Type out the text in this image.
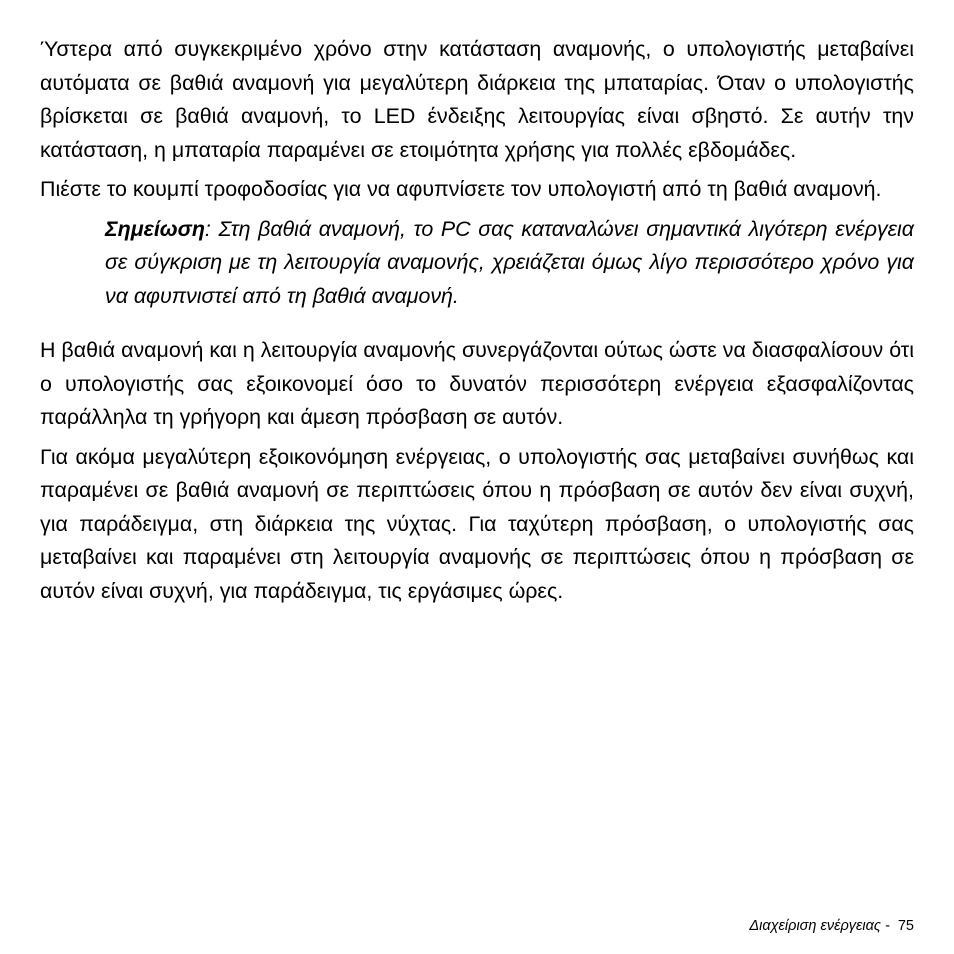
Ύστερα από συγκεκριμένο χρόνο στην κατάσταση αναμονής, ο υπολογιστής μεταβαίνει αυτόματα σε βαθιά αναμονή για μεγαλύτερη διάρκεια της μπαταρίας. Όταν ο υπολογιστής βρίσκεται σε βαθιά αναμονή, το LED ένδειξης λειτουργίας είναι σβηστό. Σε αυτήν την κατάσταση, η μπαταρία παραμένει σε ετοιμότητα χρήσης για πολλές εβδομάδες.

Πιέστε το κουμπί τροφοδοσίας για να αφυπνίσετε τον υπολογιστή από τη βαθιά αναμονή.

Σημείωση: Στη βαθιά αναμονή, το PC σας καταναλώνει σημαντικά λιγότερη ενέργεια σε σύγκριση με τη λειτουργία αναμονής, χρειάζεται όμως λίγο περισσότερο χρόνο για να αφυπνιστεί από τη βαθιά αναμονή.

Η βαθιά αναμονή και η λειτουργία αναμονής συνεργάζονται ούτως ώστε να διασφαλίσουν ότι ο υπολογιστής σας εξοικονομεί όσο το δυνατόν περισσότερη ενέργεια εξασφαλίζοντας παράλληλα τη γρήγορη και άμεση πρόσβαση σε αυτόν.

Για ακόμα μεγαλύτερη εξοικονόμηση ενέργειας, ο υπολογιστής σας μεταβαίνει συνήθως και παραμένει σε βαθιά αναμονή σε περιπτώσεις όπου η πρόσβαση σε αυτόν δεν είναι συχνή, για παράδειγμα, στη διάρκεια της νύχτας. Για ταχύτερη πρόσβαση, ο υπολογιστής σας μεταβαίνει και παραμένει στη λειτουργία αναμονής σε περιπτώσεις όπου η πρόσβαση σε αυτόν είναι συχνή, για παράδειγμα, τις εργάσιμες ώρες.

Διαχείριση ενέργειας - 75
